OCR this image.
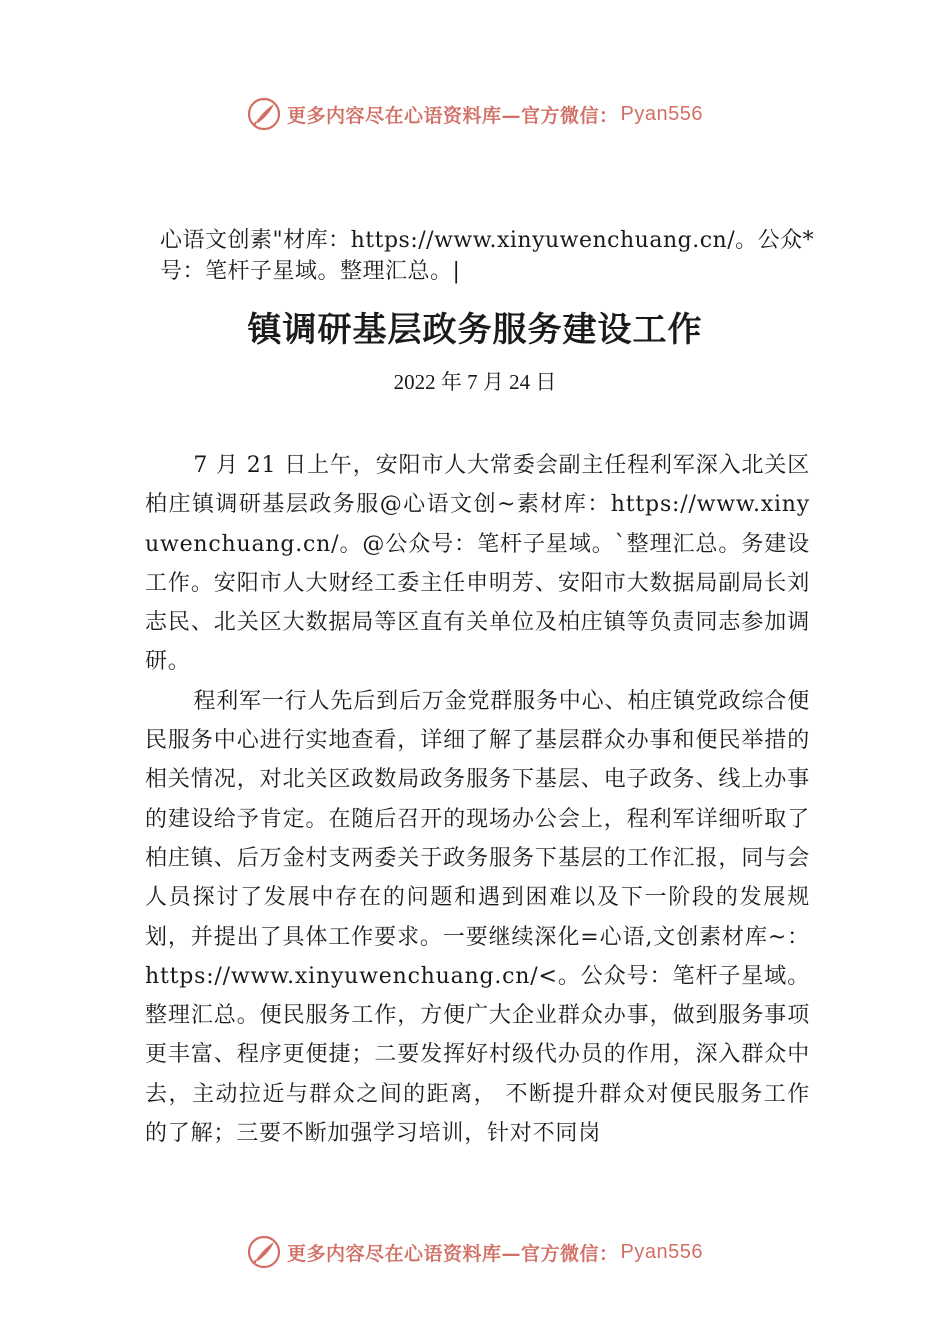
更多内容尽在心语资料库—官方微信： Pyan556
心语文创素"材库：https://www.xinyuwenchuang.cn/。公众*号：笔杆子星域。整理汇总。|
镇调研基层政务服务建设工作
2022 年 7 月 24 日

7 月 21 日上午，安阳市人大常委会副主任程利军深入北关区柏庄镇调研基层政务服@心语文创~素材库：https://www.xinyuwenchuang.cn/。@公众号：笔杆子星域。`整理汇总。务建设工作。安阳市人大财经工委主任申明芳、安阳市大数据局副局长刘志民、北关区大数据局等区直有关单位及柏庄镇等负责同志参加调研。

程利军一行人先后到后万金党群服务中心、柏庄镇党政综合便民服务中心进行实地查看，详细了解了基层群众办事和便民举措的相关情况，对北关区政数局政务服务下基层、电子政务、线上办事的建设给予肯定。在随后召开的现场办公会上，程利军详细听取了柏庄镇、后万金村支两委关于政务服务下基层的工作汇报，同与会人员探讨了发展中存在的问题和遇到困难以及下一阶段的发展规划，并提出了具体工作要求。一要继续深化=心语,文创素材库~：https://www.xinyuwenchuang.cn/<。公众号：笔杆子星域。整理汇总。便民服务工作，方便广大企业群众办事，做到服务事项更丰富、程序更便捷；二要发挥好村级代办员的作用，深入群众中去，主动拉近与群众之间的距离， 不断提升群众对便民服务工作的了解；三要不断加强学习培训，针对不同岗

更多内容尽在心语资料库—官方微信： Pyan556
